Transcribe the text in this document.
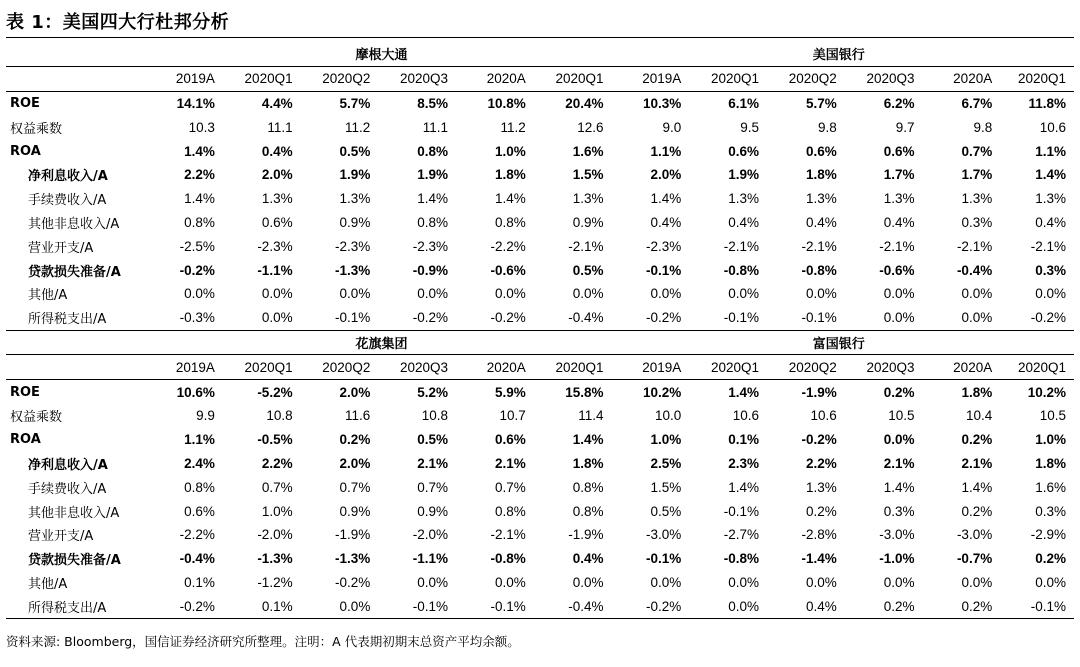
表 1：美国四大行杜邦分析
	摩根大通						美国银行					
	2019A	2020Q1	2020Q2	2020Q3	2020A	2020Q1	2019A	2020Q1	2020Q2	2020Q3	2020A	2020Q1
ROE	14.1%	4.4%	5.7%	8.5%	10.8%	20.4%	10.3%	6.1%	5.7%	6.2%	6.7%	11.8%
权益乘数	10.3	11.1	11.2	11.1	11.2	12.6	9.0	9.5	9.8	9.7	9.8	10.6
ROA	1.4%	0.4%	0.5%	0.8%	1.0%	1.6%	1.1%	0.6%	0.6%	0.6%	0.7%	1.1%
净利息收入/A	2.2%	2.0%	1.9%	1.9%	1.8%	1.5%	2.0%	1.9%	1.8%	1.7%	1.7%	1.4%
手续费收入/A	1.4%	1.3%	1.3%	1.4%	1.4%	1.3%	1.4%	1.3%	1.3%	1.3%	1.3%	1.3%
其他非息收入/A	0.8%	0.6%	0.9%	0.8%	0.8%	0.9%	0.4%	0.4%	0.4%	0.4%	0.3%	0.4%
营业开支/A	-2.5%	-2.3%	-2.3%	-2.3%	-2.2%	-2.1%	-2.3%	-2.1%	-2.1%	-2.1%	-2.1%	-2.1%
贷款损失准备/A	-0.2%	-1.1%	-1.3%	-0.9%	-0.6%	0.5%	-0.1%	-0.8%	-0.8%	-0.6%	-0.4%	0.3%
其他/A	0.0%	0.0%	0.0%	0.0%	0.0%	0.0%	0.0%	0.0%	0.0%	0.0%	0.0%	0.0%
所得税支出/A	-0.3%	0.0%	-0.1%	-0.2%	-0.2%	-0.4%	-0.2%	-0.1%	-0.1%	0.0%	0.0%	-0.2%
	花旗集团						富国银行					
	2019A	2020Q1	2020Q2	2020Q3	2020A	2020Q1	2019A	2020Q1	2020Q2	2020Q3	2020A	2020Q1
ROE	10.6%	-5.2%	2.0%	5.2%	5.9%	15.8%	10.2%	1.4%	-1.9%	0.2%	1.8%	10.2%
权益乘数	9.9	10.8	11.6	10.8	10.7	11.4	10.0	10.6	10.6	10.5	10.4	10.5
ROA	1.1%	-0.5%	0.2%	0.5%	0.6%	1.4%	1.0%	0.1%	-0.2%	0.0%	0.2%	1.0%
净利息收入/A	2.4%	2.2%	2.0%	2.1%	2.1%	1.8%	2.5%	2.3%	2.2%	2.1%	2.1%	1.8%
手续费收入/A	0.8%	0.7%	0.7%	0.7%	0.7%	0.8%	1.5%	1.4%	1.3%	1.4%	1.4%	1.6%
其他非息收入/A	0.6%	1.0%	0.9%	0.9%	0.8%	0.8%	0.5%	-0.1%	0.2%	0.3%	0.2%	0.3%
营业开支/A	-2.2%	-2.0%	-1.9%	-2.0%	-2.1%	-1.9%	-3.0%	-2.7%	-2.8%	-3.0%	-3.0%	-2.9%
贷款损失准备/A	-0.4%	-1.3%	-1.3%	-1.1%	-0.8%	0.4%	-0.1%	-0.8%	-1.4%	-1.0%	-0.7%	0.2%
其他/A	0.1%	-1.2%	-0.2%	0.0%	0.0%	0.0%	0.0%	0.0%	0.0%	0.0%	0.0%	0.0%
所得税支出/A	-0.2%	0.1%	0.0%	-0.1%	-0.1%	-0.4%	-0.2%	0.0%	0.4%	0.2%	0.2%	-0.1%
资料来源: Bloomberg，国信证券经济研究所整理。注明：A 代表期初期末总资产平均余额。
